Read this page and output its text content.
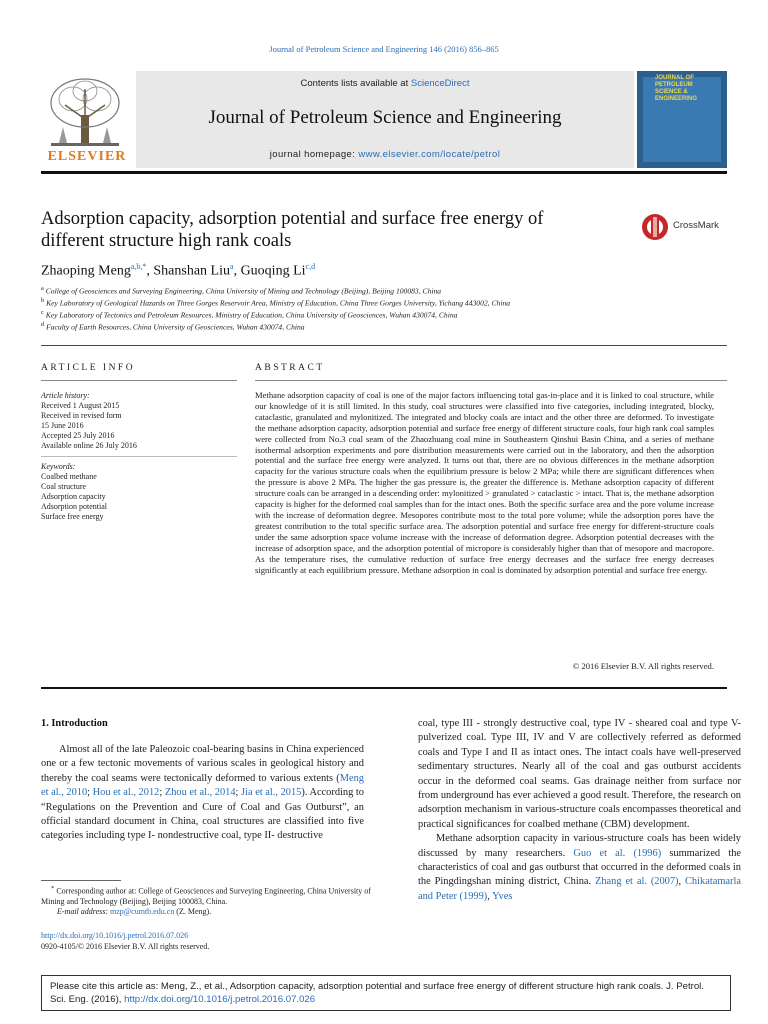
Journal of Petroleum Science and Engineering 146 (2016) 856–865
ELSEVIER
Contents lists available at ScienceDirect
Journal of Petroleum Science and Engineering
journal homepage: www.elsevier.com/locate/petrol
JOURNAL OF
PETROLEUM
SCIENCE &
ENGINEERING
Adsorption capacity, adsorption potential and surface free energy of
different structure high rank coals
CrossMark
Zhaoping Meng$^{a,b,*}$, Shanshan Liu$^a$, Guoqing Li$^{c,d}$
$^a$ College of Geosciences and Surveying Engineering, China University of Mining and Technology (Beijing), Beijing 100083, China
$^b$ Key Laboratory of Geological Hazards on Three Gorges Reservoir Area, Ministry of Education, China Three Gorges University, Yichang 443002, China
$^c$ Key Laboratory of Tectonics and Petroleum Resources, Ministry of Education, China University of Geosciences, Wuhan 430074, China
$^d$ Faculty of Earth Resources, China University of Geosciences, Wuhan 430074, China
ARTICLE INFO
Article history:
Received 1 August 2015
Received in revised form
15 June 2016
Accepted 25 July 2016
Available online 26 July 2016
Keywords:
Coalbed methane
Coal structure
Adsorption capacity
Adsorption potential
Surface free energy
ABSTRACT
Methane adsorption capacity of coal is one of the major factors influencing total gas-in-place and it is linked to coal structure, while our knowledge of it is still limited. In this study, coal structures were classified into five categories, including integrated, blocky, cataclastic, granulated and mylonitized. The integrated and blocky coals are intact and the other three are deformed. To investigate the methane adsorption capacity, adsorption potential and surface free energy of different structure coals, four high rank coal samples were collected from No.3 coal seam of the Zhaozhuang coal mine in Southeastern Qinshui Basin China, and a series of methane isothermal adsorption experiments and pore distribution measurements were carried out in the laboratory, and then the adsorption potential and the surface free energy were analyzed. It turns out that, there are no obvious differences in the methane adsorption capacity for the various structure coals when the equilibrium pressure is below 2 MPa; while there are significant differences when the pressure is above 2 MPa. The higher the gas pressure is, the greater the difference is. Methane adsorption capacity of different structure coals can be arranged in a descending order: mylonitized > granulated > cataclastic > intact. That is, the methane adsorption capacity is higher for the deformed coal samples than for the intact ones. Both the specific surface area and the pore volume increase with the increase of deformation degree. Mesopores contribute most to the total pore volume; while the adsorption pores have the greatest contribution to the total specific surface area. The adsorption potential and surface free energy for different-structure coals under the same adsorption space volume increase with the increase of deformation degree. Adsorption potential decreases with the increase of adsorption space, and the adsorption potential of micropore is considerably higher than that of mesopore and macropore. As the temperature rises, the cumulative reduction of surface free energy decreases and the surface free energy decreases significantly at each equilibrium pressure. Methane adsorption in coal is dominated by adsorption potential and surface free energy.
© 2016 Elsevier B.V. All rights reserved.
1. Introduction

Almost all of the late Paleozoic coal-bearing basins in China experienced one or a few tectonic movements of various scales in geological history and thereby the coal seams were tectonically deformed to various extents (Meng et al., 2010; Hou et al., 2012; Zhou et al., 2014; Jia et al., 2015). According to “Regulations on the Prevention and Cure of Coal and Gas Outburst”, an official standard document in China, coal structures are classified into five categories including type I- nondestructive coal, type II- destructive

coal, type III - strongly destructive coal, type IV - sheared coal and type V- pulverized coal. Type III, IV and V are collectively referred as deformed coals and Type I and II as intact ones. The intact coals have well-preserved sedimentary structures. Nearly all of the coal and gas outburst accidents occur in the deformed coal seams. Gas drainage neither from surface nor from underground has ever achieved a good result. Therefore, the research on adsorption mechanism in various-structure coals encompasses theoretical and practical significances for coalbed methane (CBM) development.

Methane adsorption capacity in various-structure coals has been widely discussed by many researchers. Guo et al. (1996) summarized the characteristics of coal and gas outburst that occurred in the deformed coals in the Pingdingshan mining district, China. Zhang et al. (2007), Chikatamarla and Peter (1999), Yves

* Corresponding author at: College of Geosciences and Surveying Engineering, China University of Mining and Technology (Beijing), Beijing 100083, China.
E-mail address: mzp@cumtb.edu.cn (Z. Meng).
http://dx.doi.org/10.1016/j.petrol.2016.07.026
0920-4105/© 2016 Elsevier B.V. All rights reserved.
Please cite this article as: Meng, Z., et al., Adsorption capacity, adsorption potential and surface free energy of different structure high rank coals. J. Petrol. Sci. Eng. (2016), http://dx.doi.org/10.1016/j.petrol.2016.07.026
